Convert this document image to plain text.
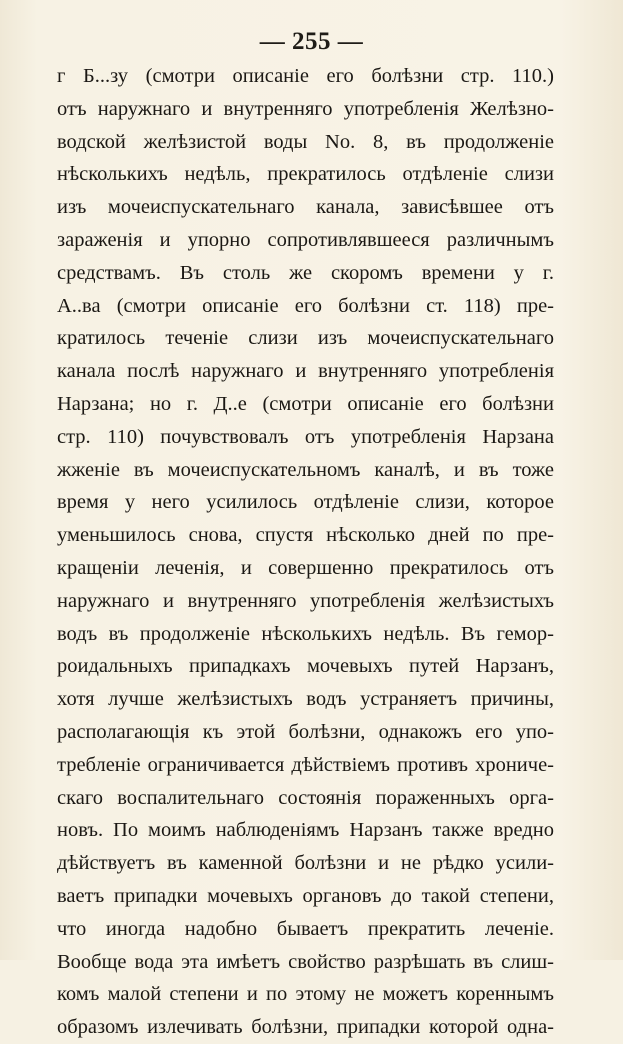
— 255 —
г Б...зу (смотри описаніе его болѣзни стр. 110.)
отъ наружнаго и внутренняго употребленія Желѣзно-
водской желѣзистой воды No. 8, въ продолженіе
нѣсколькихъ недѣль, прекратилось отдѣленіе слизи
изъ мочеиспускательнаго канала, зависѣвшее отъ
зараженія и упорно сопротивлявшееся различнымъ
средствамъ. Въ столь же скоромъ времени у г.
А..ва (смотри описаніе его болѣзни ст. 118) пре-
кратилось теченіе слизи изъ мочеиспускательнаго
канала послѣ наружнаго и внутренняго употребленія
Нарзана; но г. Д..е (смотри описаніе его болѣзни
стр. 110) почувствовалъ отъ употребленія Нарзана
жженіе въ мочеиспускательномъ каналѣ, и въ тоже
время у него усилилось отдѣленіе слизи, которое
уменьшилось снова, спустя нѣсколько дней по пре-
кращеніи леченія, и совершенно прекратилось отъ
наружнаго и внутренняго употребленія желѣзистыхъ
водъ въ продолженіе нѣсколькихъ недѣль. Въ гемор-
роидальныхъ припадкахъ мочевыхъ путей Нарзанъ,
хотя лучше желѣзистыхъ водъ устраняетъ причины,
располагающія къ этой болѣзни, однакожъ его упо-
требленіе ограничивается дѣйствіемъ противъ хрониче-
скаго воспалительнаго состоянія пораженныхъ орга-
новъ. По моимъ наблюденіямъ Нарзанъ также вредно
дѣйствуетъ въ каменной болѣзни и не рѣдко усили-
ваетъ припадки мочевыхъ органовъ до такой степени,
что иногда надобно бываетъ прекратить леченіе.
Вообще вода эта имѣетъ свойство разрѣшать въ слиш-
комъ малой степени и по этому не можетъ кореннымъ
образомъ излечивать болѣзни, припадки которой одна-
